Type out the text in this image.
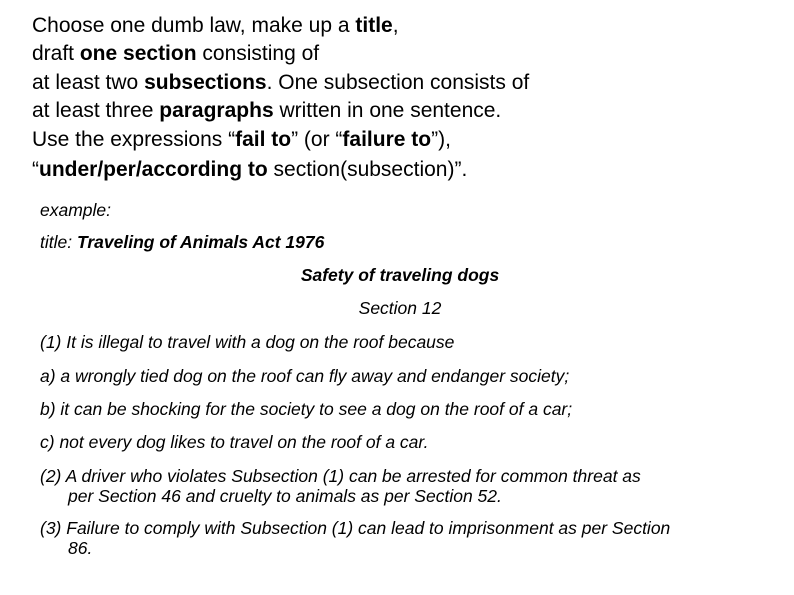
Choose one dumb law, make up a title,
draft one section consisting of
at least two subsections. One subsection consists of
at least three paragraphs written in one sentence.
Use the expressions “fail to” (or “failure to”),
“under/per/according to section(subsection)”.
example:
title: Traveling of Animals Act 1976
Safety of traveling dogs
Section 12
(1) It is illegal to travel with a dog on the roof because
a) a wrongly tied dog on the roof can fly away and endanger society;
b) it can be shocking for the society to see a dog on the roof of a car;
c) not every dog likes to travel on the roof of a car.
(2) A driver who violates Subsection (1) can be arrested for common threat as
per Section 46 and cruelty to animals as per Section 52.
(3) Failure to comply with Subsection (1) can lead to imprisonment as per Section
86.
